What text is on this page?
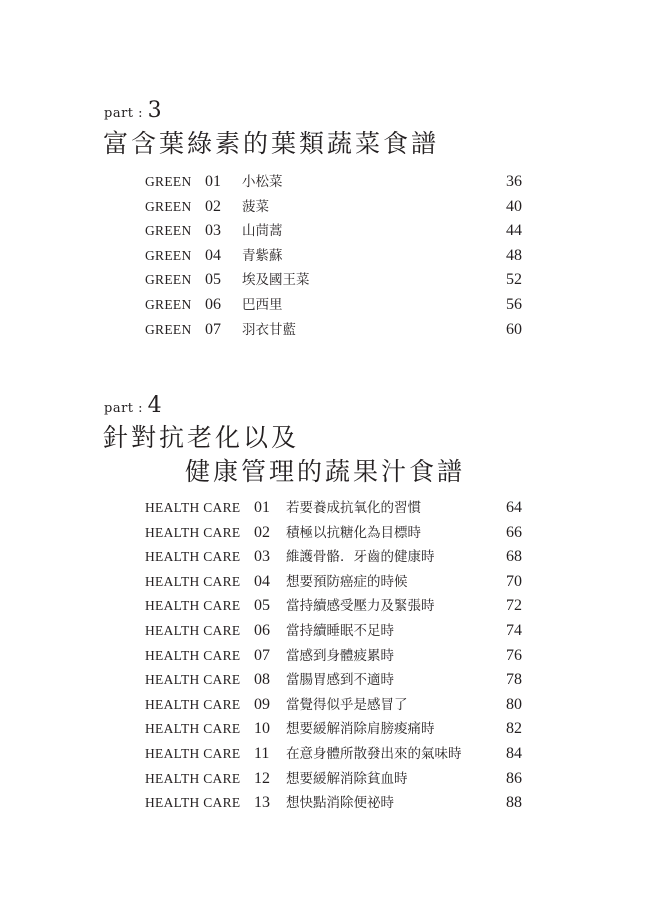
part : 3
富含葉綠素的葉類蔬菜食譜
GREEN 01 小松菜	36
GREEN 02 菠菜	40
GREEN 03 山茼蒿	44
GREEN 04 青紫蘇	48
GREEN 05 埃及國王菜	52
GREEN 06 巴西里	56
GREEN 07 羽衣甘藍	60
part : 4
針對抗老化以及
健康管理的蔬果汁食譜
HEALTH CARE 01 若要養成抗氧化的習慣	64
HEALTH CARE 02 積極以抗糖化為目標時	66
HEALTH CARE 03 維護骨骼．牙齒的健康時	68
HEALTH CARE 04 想要預防癌症的時候	70
HEALTH CARE 05 當持續感受壓力及緊張時	72
HEALTH CARE 06 當持續睡眠不足時	74
HEALTH CARE 07 當感到身體疲累時	76
HEALTH CARE 08 當腸胃感到不適時	78
HEALTH CARE 09 當覺得似乎是感冒了	80
HEALTH CARE 10 想要緩解消除肩膀痠痛時	82
HEALTH CARE 11 在意身體所散發出來的氣味時	84
HEALTH CARE 12 想要緩解消除貧血時	86
HEALTH CARE 13 想快點消除便祕時	88
